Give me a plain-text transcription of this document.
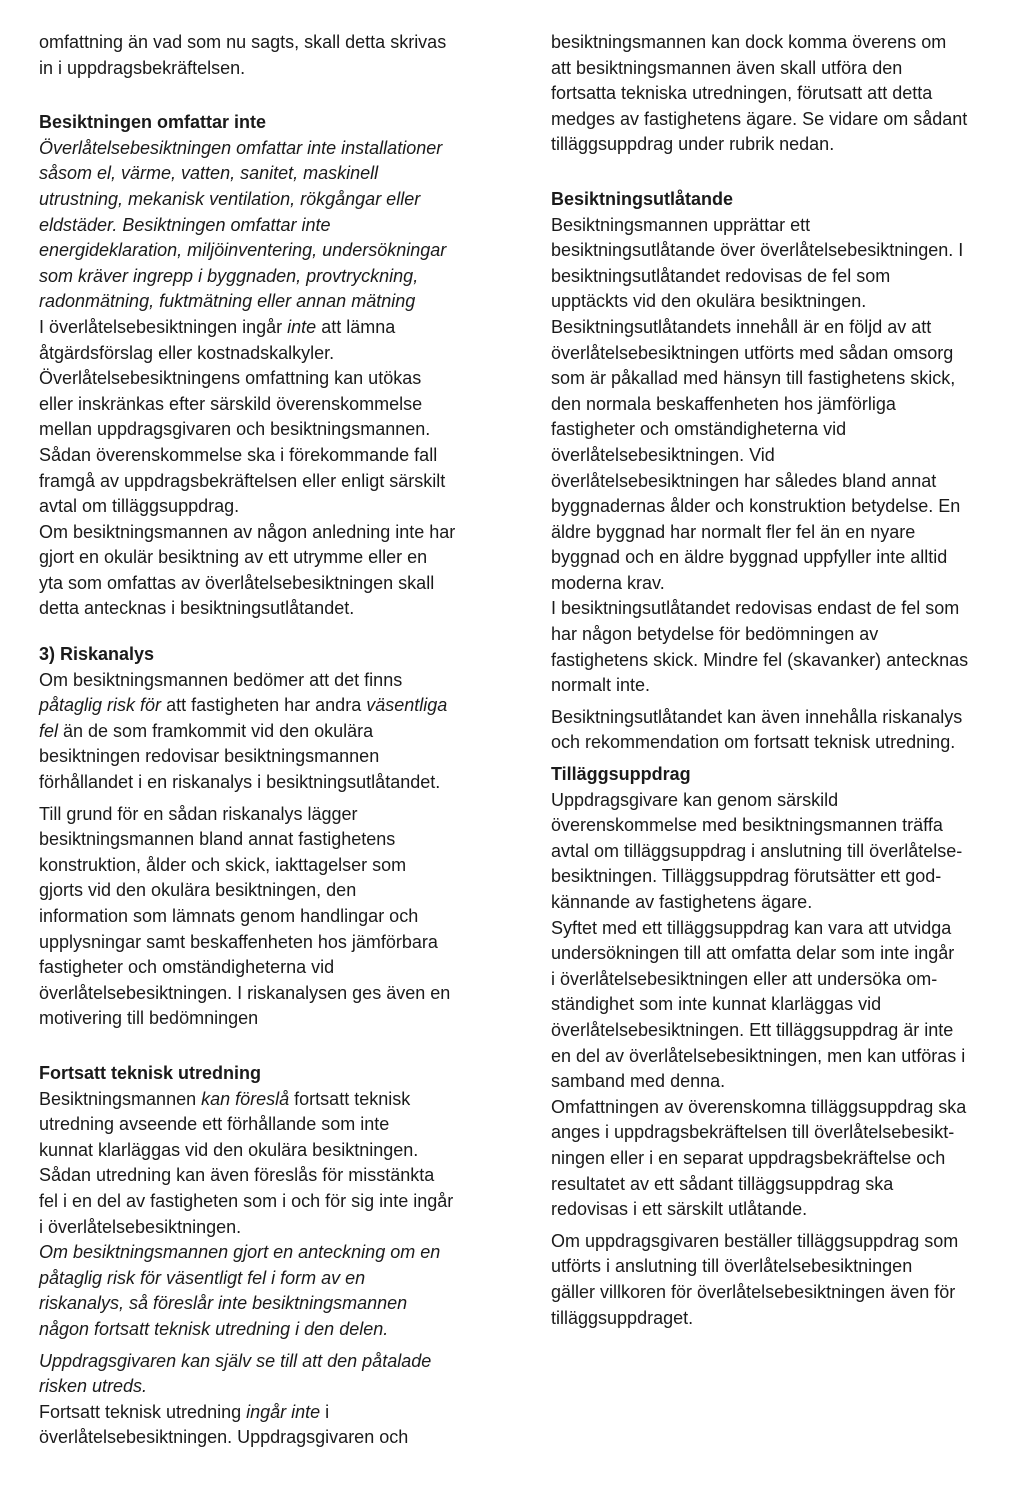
omfattning än vad som nu sagts, skall detta skrivas
in i uppdragsbekräftelsen.

Besiktningen omfattar inte

Överlåtelsebesiktningen omfattar inte installationer
såsom el, värme, vatten, sanitet, maskinell
utrustning, mekanisk ventilation, rökgångar eller
eldstäder. Besiktningen omfattar inte
energideklaration, miljöinventering, undersökningar
som kräver ingrepp i byggnaden, provtryckning,
radonmätning, fuktmätning eller annan mätning

I överlåtelsebesiktningen ingår inte att lämna
åtgärdsförslag eller kostnadskalkyler.

Överlåtelsebesiktningens omfattning kan utökas
eller inskränkas efter särskild överenskommelse
mellan uppdragsgivaren och besiktningsmannen.
Sådan överenskommelse ska i förekommande fall
framgå av uppdragsbekräftelsen eller enligt särskilt
avtal om tilläggsuppdrag.

Om besiktningsmannen av någon anledning inte har
gjort en okulär besiktning av ett utrymme eller en
yta som omfattas av överlåtelsebesiktningen skall
detta antecknas i besiktningsutlåtandet.

3) Riskanalys

Om besiktningsmannen bedömer att det finns
påtaglig risk för att fastigheten har andra väsentliga
fel än de som framkommit vid den okulära
besiktningen redovisar besiktningsmannen
förhållandet i en riskanalys i besiktningsutlåtandet.

Till grund för en sådan riskanalys lägger
besiktningsmannen bland annat fastighetens
konstruktion, ålder och skick, iakttagelser som
gjorts vid den okulära besiktningen, den
information som lämnats genom handlingar och
upplysningar samt beskaffenheten hos jämförbara
fastigheter och omständigheterna vid
överlåtelsebesiktningen. I riskanalysen ges även en
motivering till bedömningen

Fortsatt teknisk utredning

Besiktningsmannen kan föreslå fortsatt teknisk
utredning avseende ett förhållande som inte
kunnat klarläggas vid den okulära besiktningen.
Sådan utredning kan även föreslås för misstänkta
fel i en del av fastigheten som i och för sig inte ingår
i överlåtelsebesiktningen.

Om besiktningsmannen gjort en anteckning om en
påtaglig risk för väsentligt fel i form av en
riskanalys, så föreslår inte besiktningsmannen
någon fortsatt teknisk utredning i den delen.

Uppdragsgivaren kan själv se till att den påtalade
risken utreds.

Fortsatt teknisk utredning ingår inte i
överlåtelsebesiktningen. Uppdragsgivaren och

besiktningsmannen kan dock komma överens om
att besiktningsmannen även skall utföra den
fortsatta tekniska utredningen, förutsatt att detta
medges av fastighetens ägare. Se vidare om sådant
tilläggsuppdrag under rubrik nedan.

Besiktningsutlåtande

Besiktningsmannen upprättar ett
besiktningsutlåtande över överlåtelsebesiktningen. I
besiktningsutlåtandet redovisas de fel som
upptäckts vid den okulära besiktningen.
Besiktningsutlåtandets innehåll är en följd av att
överlåtelsebesiktningen utförts med sådan omsorg
som är påkallad med hänsyn till fastighetens skick,
den normala beskaffenheten hos jämförliga
fastigheter och omständigheterna vid
överlåtelsebesiktningen. Vid
överlåtelsebesiktningen har således bland annat
byggnadernas ålder och konstruktion betydelse. En
äldre byggnad har normalt fler fel än en nyare
byggnad och en äldre byggnad uppfyller inte alltid
moderna krav.

I besiktningsutlåtandet redovisas endast de fel som
har någon betydelse för bedömningen av
fastighetens skick. Mindre fel (skavanker) antecknas
normalt inte.

Besiktningsutlåtandet kan även innehålla riskanalys
och rekommendation om fortsatt teknisk utredning.

Tilläggsuppdrag

Uppdragsgivare kan genom särskild
överenskommelse med besiktningsmannen träffa
avtal om tilläggsuppdrag i anslutning till överlåtelse-
besiktningen. Tilläggsuppdrag förutsätter ett god-
kännande av fastighetens ägare.

Syftet med ett tilläggsuppdrag kan vara att utvidga
undersökningen till att omfatta delar som inte ingår
i överlåtelsebesiktningen eller att undersöka om-
ständighet som inte kunnat klarläggas vid
överlåtelsebesiktningen. Ett tilläggsuppdrag är inte
en del av överlåtelsebesiktningen, men kan utföras i
samband med denna.

Omfattningen av överenskomna tilläggsuppdrag ska
anges i uppdragsbekräftelsen till överlåtelsebesikt-
ningen eller i en separat uppdragsbekräftelse och
resultatet av ett sådant tilläggsuppdrag ska
redovisas i ett särskilt utlåtande.

Om uppdragsgivaren beställer tilläggsuppdrag som
utförts i anslutning till överlåtelsebesiktningen
gäller villkoren för överlåtelsebesiktningen även för
tilläggsuppdraget.
